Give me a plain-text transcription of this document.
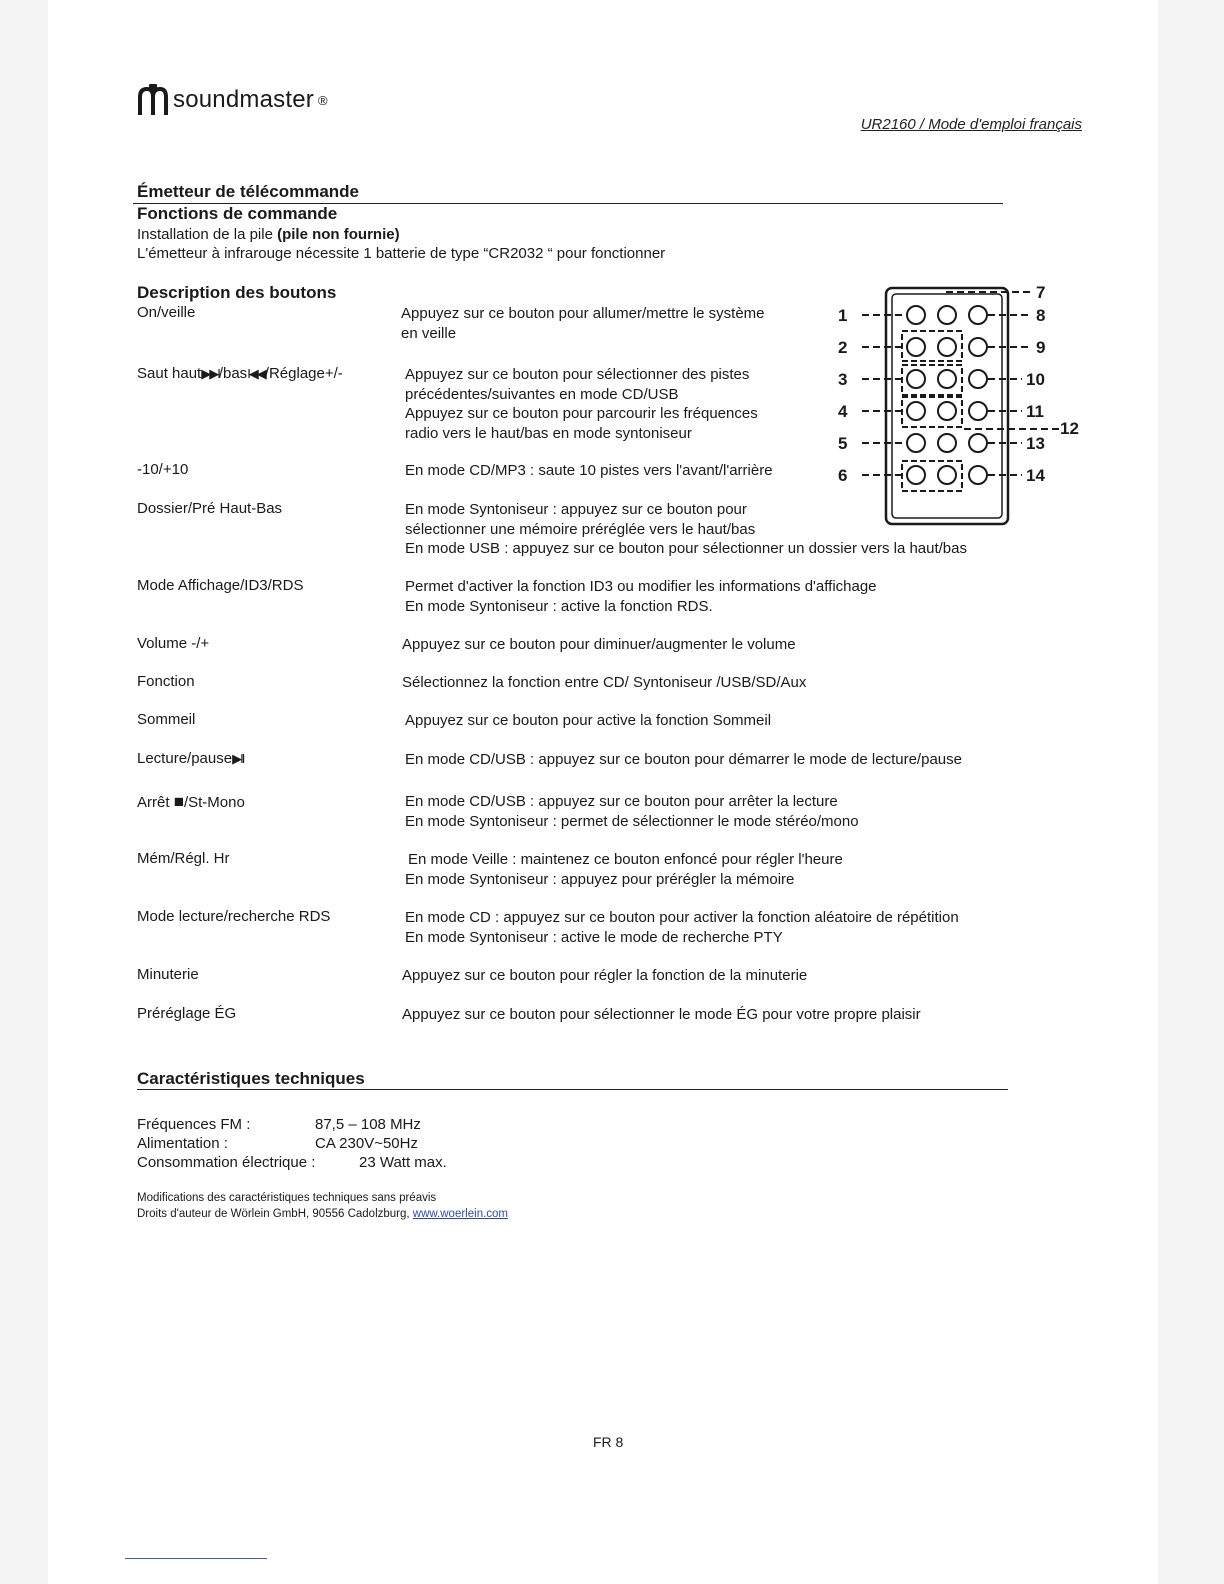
soundmaster ®
UR2160 / Mode d'emploi français
Émetteur de télécommande
Fonctions de commande
Installation de la pile (pile non fournie)
L'émetteur à infrarouge nécessite 1 batterie de type “CR2032 “ pour fonctionner
Description des boutons
On/veille	Appuyez sur ce bouton pour allumer/mettre le système
en veille
Saut haut▶▶I/basI◀◀/Réglage+/-	Appuyez sur ce bouton pour sélectionner des pistes
précédentes/suivantes en mode CD/USB
Appuyez sur ce bouton pour parcourir les fréquences
radio vers le haut/bas en mode syntoniseur
-10/+10	En mode CD/MP3 : saute 10 pistes vers l'avant/l'arrière
Dossier/Pré Haut-Bas	En mode Syntoniseur : appuyez sur ce bouton pour
sélectionner une mémoire préréglée vers le haut/bas
En mode USB : appuyez sur ce bouton pour sélectionner un dossier vers la haut/bas
Mode Affichage/ID3/RDS	Permet d'activer la fonction ID3 ou modifier les informations d'affichage
En mode Syntoniseur : active la fonction RDS.
Volume -/+	Appuyez sur ce bouton pour diminuer/augmenter le volume
Fonction	Sélectionnez la fonction entre CD/ Syntoniseur /USB/SD/Aux
Sommeil	Appuyez sur ce bouton pour active la fonction Sommeil
Lecture/pause▶II	En mode CD/USB : appuyez sur ce bouton pour démarrer le mode de lecture/pause
Arrêt ■/St-Mono	En mode CD/USB : appuyez sur ce bouton pour arrêter la lecture
En mode Syntoniseur : permet de sélectionner le mode stéréo/mono
Mém/Régl. Hr	En mode Veille : maintenez ce bouton enfoncé pour régler l'heure
En mode Syntoniseur : appuyez pour prérégler la mémoire
Mode lecture/recherche RDS	En mode CD : appuyez sur ce bouton pour activer la fonction aléatoire de répétition
En mode Syntoniseur : active le mode de recherche PTY
Minuterie	Appuyez sur ce bouton pour régler la fonction de la minuterie
Préréglage ÉG	Appuyez sur ce bouton pour sélectionner le mode ÉG pour votre propre plaisir
1
2
3
4
5
6
7
8
9
10
11
12
13
14
Caractéristiques techniques
Fréquences FM :	87,5 – 108 MHz
Alimentation :	CA 230V~50Hz
Consommation électrique :	23 Watt max.
Modifications des caractéristiques techniques sans préavis
Droits d'auteur de Wörlein GmbH, 90556 Cadolzburg, www.woerlein.com
FR 8
